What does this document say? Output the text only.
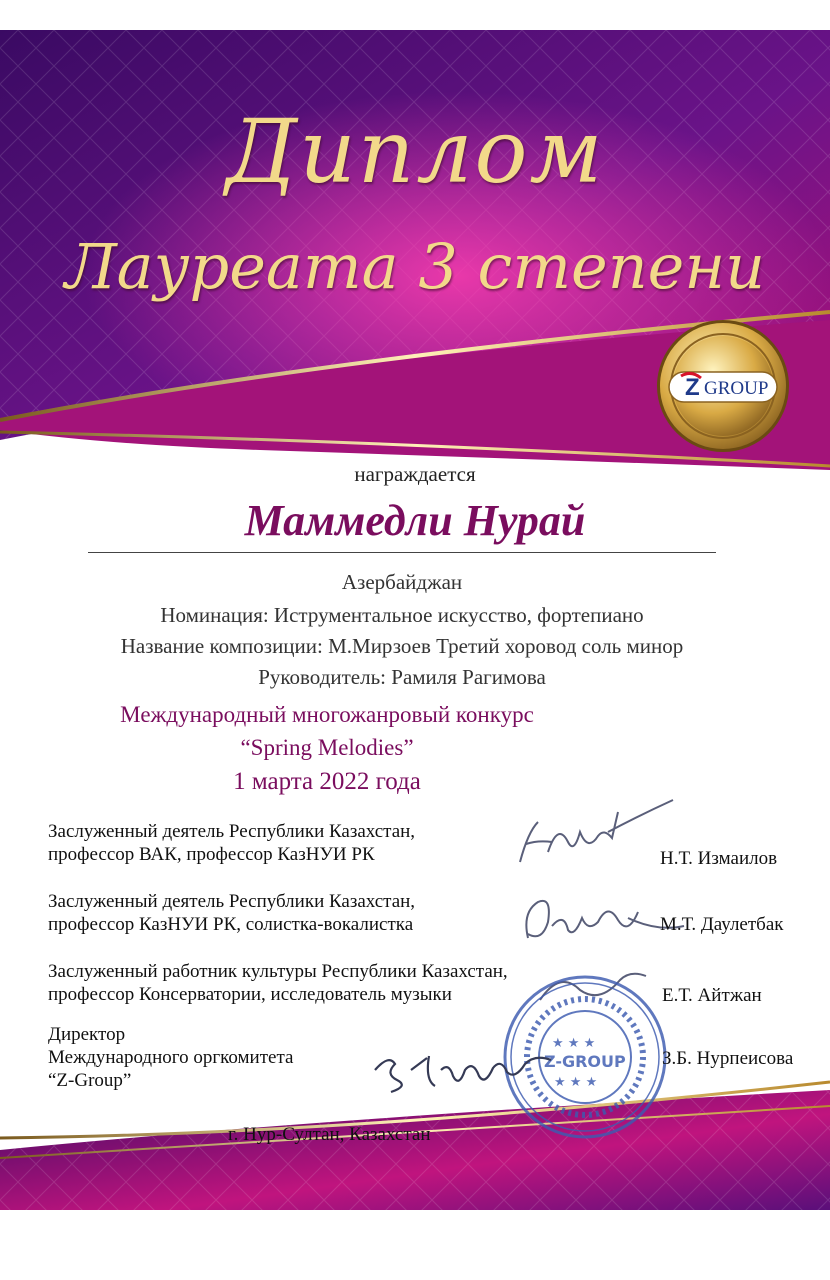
Диплом
Лауреата 3 степени
Z GROUP
награждается
Маммедли Нурай
Азербайджан
Номинация: Иструментальное искусство, фортепиано
Название композиции: М.Мирзоев Третий хоровод соль минор
Руководитель: Рамиля Рагимова
Международный многожанровый конкурс
“Spring Melodies”
1 марта 2022 года
Заслуженный деятель Республики Казахстан,
профессор ВАК, профессор КазНУИ РК	Н.Т. Измаилов
Заслуженный деятель Республики Казахстан,
профессор КазНУИ РК, солистка-вокалистка	М.Т. Даулетбак
Заслуженный работник культуры Республики Казахстан,
профессор Консерватории, исследователь музыки	Е.Т. Айтжан
Директор
Международного оргкомитета
“Z-Group”
★ ★ ★
★ ★ ★
Z-GROUP З.Б. Нурпеисова
г. Нур-Султан, Казахстан
